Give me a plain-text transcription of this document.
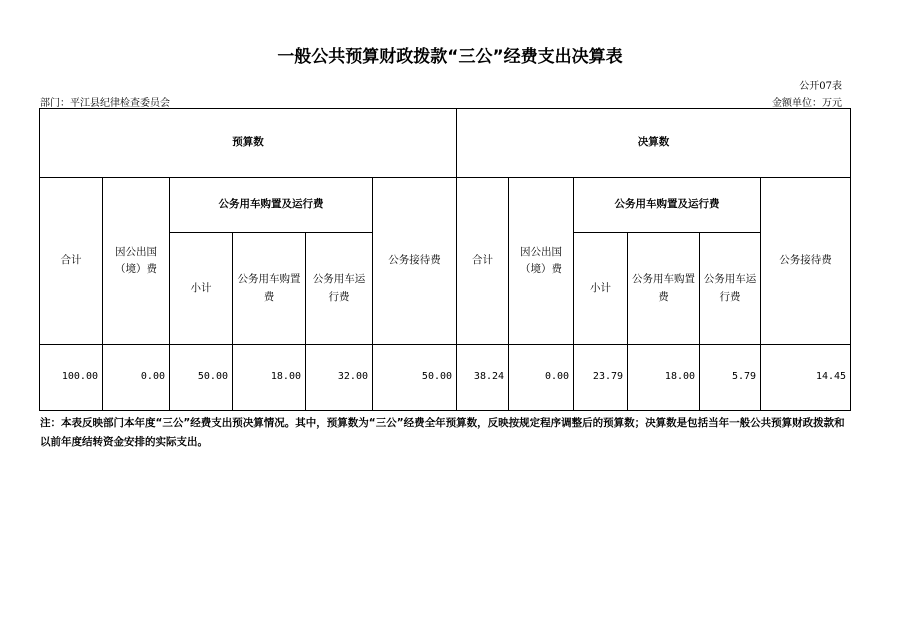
一般公共预算财政拨款“三公”经费支出决算表
公开07表
部门：平江县纪律检查委员会	金额单位：万元
预算数						决算数					
合计	因公出国（境）费	公务用车购置及运行费			公务接待费	合计	因公出国（境）费	公务用车购置及运行费			公务接待费
		小计	公务用车购置费	公务用车运行费				小计	公务用车购置费	公务用车运行费	
100.00	0.00	50.00	18.00	32.00	50.00	38.24	0.00	23.79	18.00	5.79	14.45
注：本表反映部门本年度“三公”经费支出预决算情况。其中，预算数为“三公”经费全年预算数，反映按规定程序调整后的预算数；决算数是包括当年一般公共预算财政拨款和以前年度结转资金安排的实际支出。
